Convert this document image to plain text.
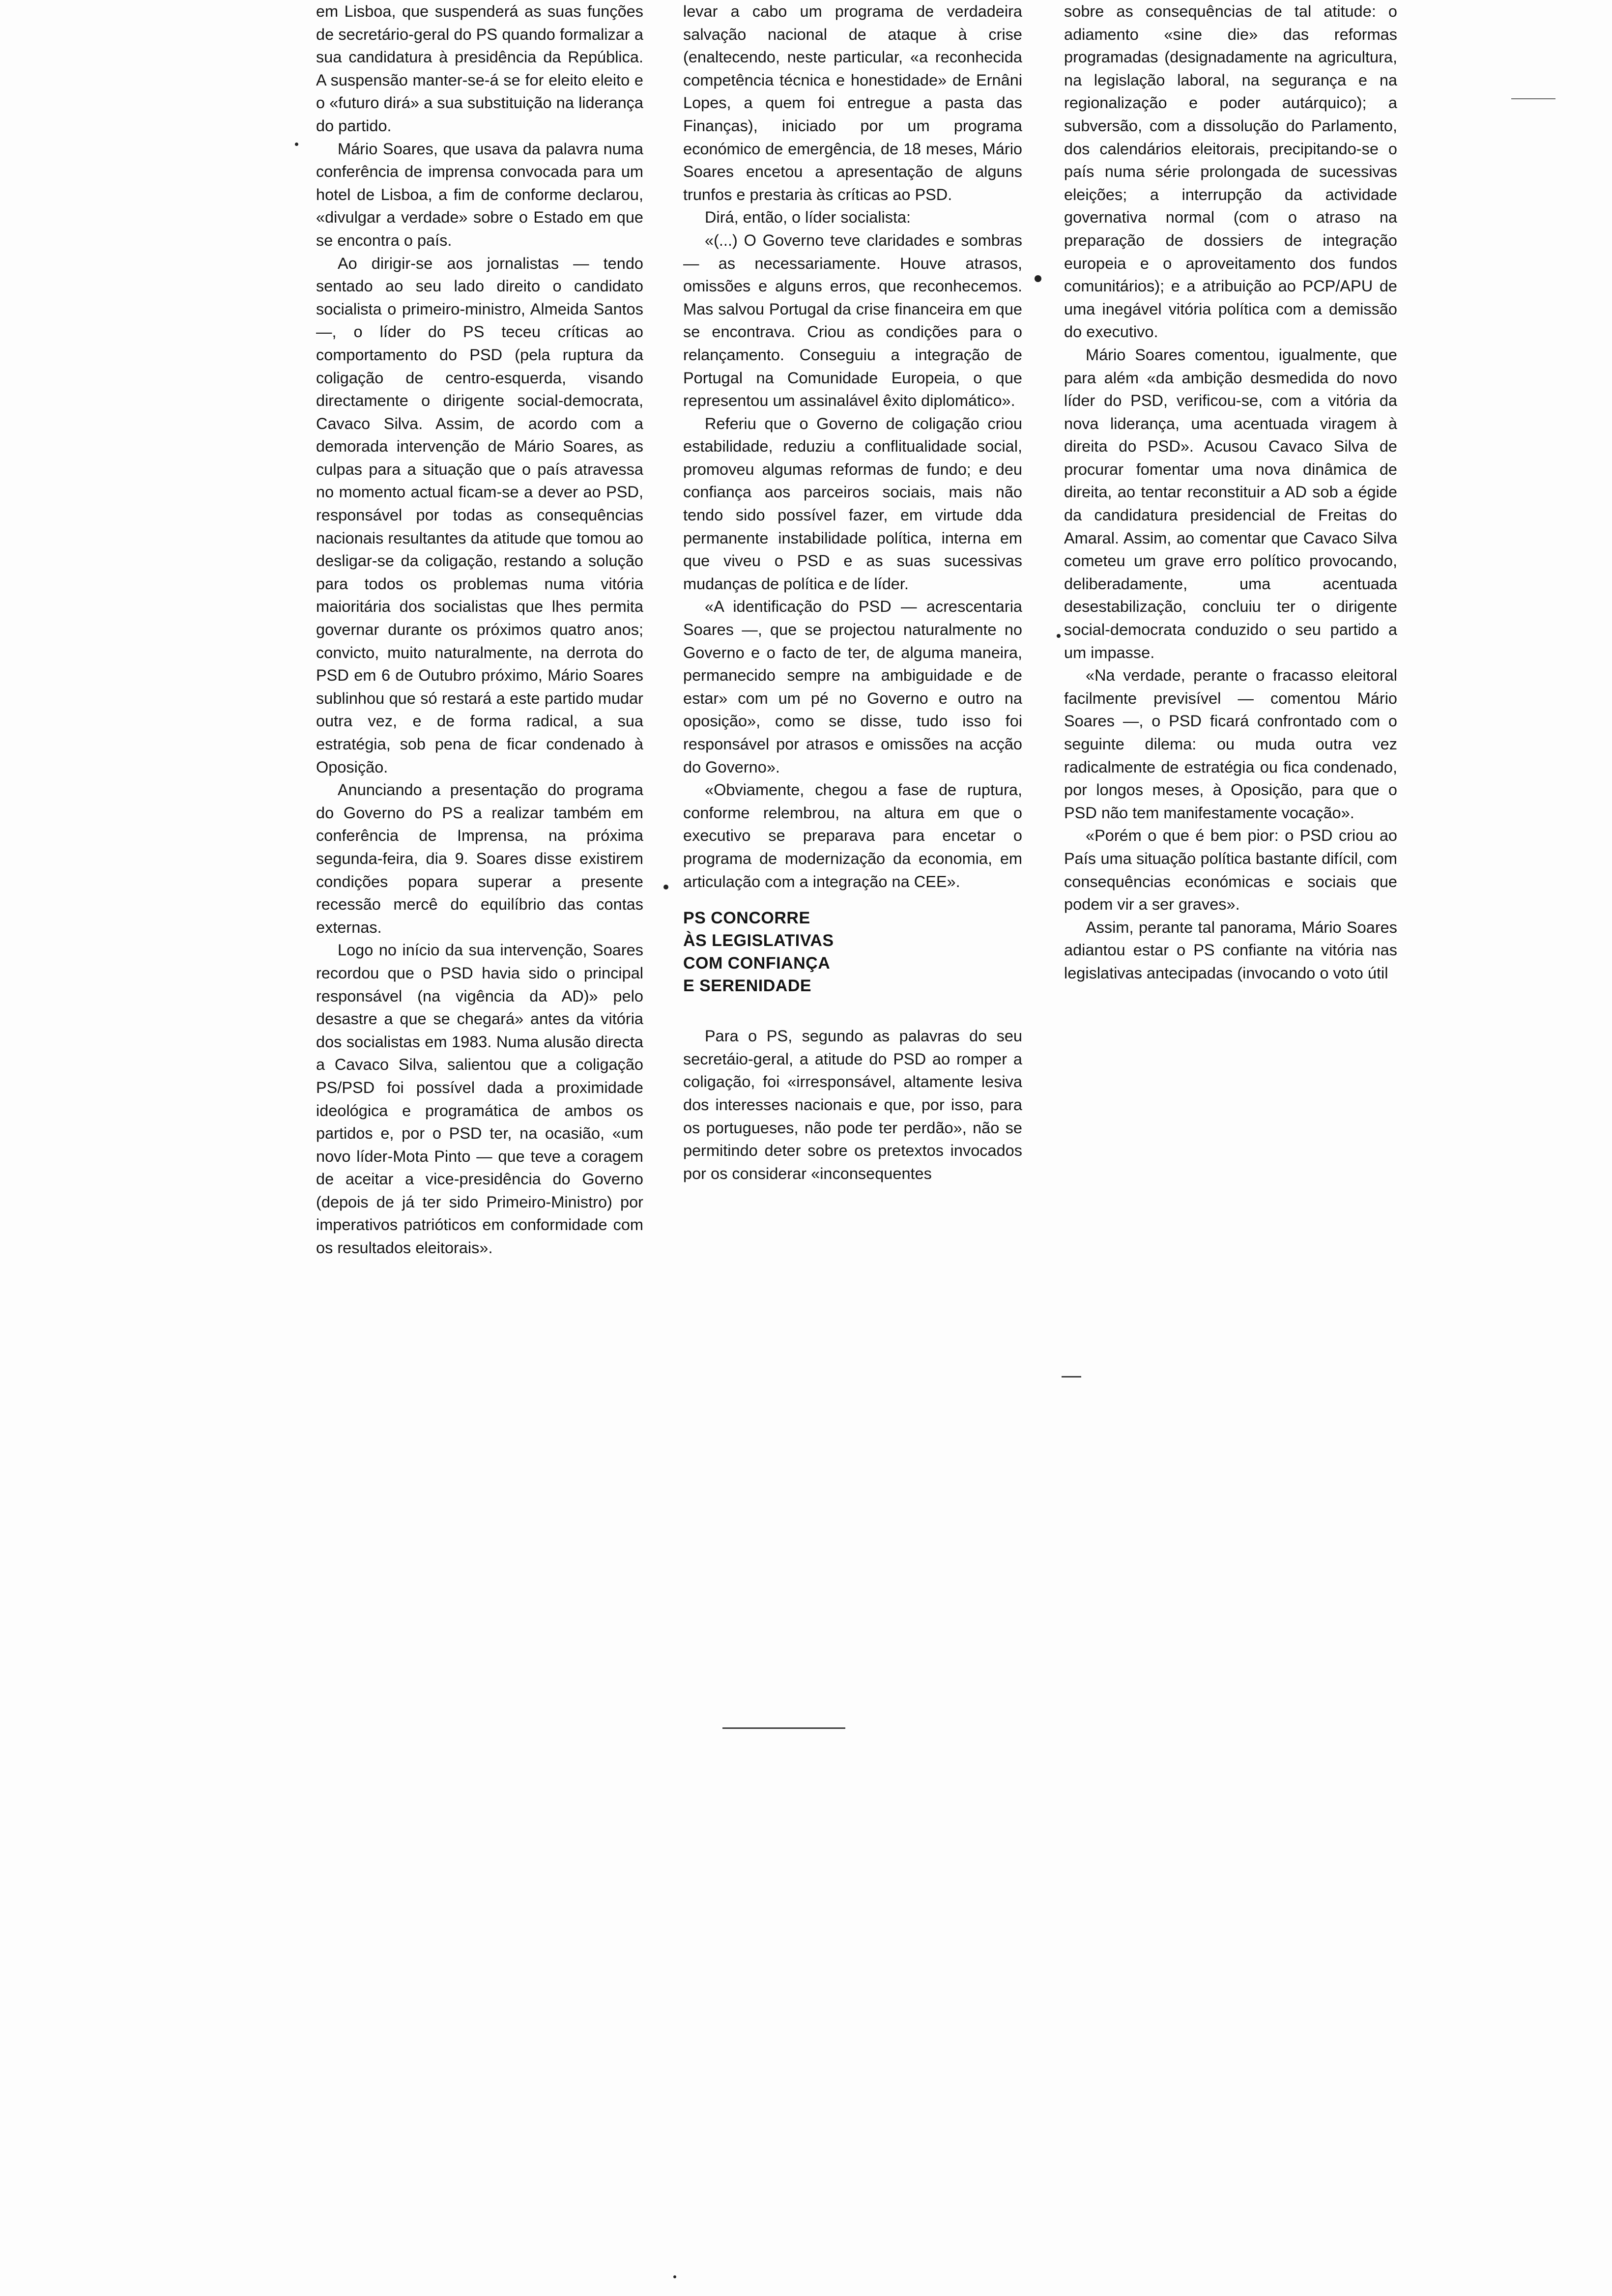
em Lisboa, que suspenderá as suas funções de secretário-geral do PS quando formalizar a sua candidatura à presidência da República. A suspensão manter-se-á se for eleito eleito e o «futuro dirá» a sua substituição na liderança do partido.

Mário Soares, que usava da palavra numa conferência de imprensa convocada para um hotel de Lisboa, a fim de conforme declarou, «divulgar a verdade» sobre o Estado em que se encontra o país.

Ao dirigir-se aos jornalistas — tendo sentado ao seu lado direito o candidato socialista o primeiro-ministro, Almeida Santos —, o líder do PS teceu críticas ao comportamento do PSD (pela ruptura da coligação de centro-esquerda, visando directamente o dirigente social-democrata, Cavaco Silva. Assim, de acordo com a demorada intervenção de Mário Soares, as culpas para a situação que o país atravessa no momento actual ficam-se a dever ao PSD, responsável por todas as consequências nacionais resultantes da atitude que tomou ao desligar-se da coligação, restando a solução para todos os problemas numa vitória maioritária dos socialistas que lhes permita governar durante os próximos quatro anos; convicto, muito naturalmente, na derrota do PSD em 6 de Outubro próximo, Mário Soares sublinhou que só restará a este partido mudar outra vez, e de forma radical, a sua estratégia, sob pena de ficar condenado à Oposição.

Anunciando a presentação do programa do Governo do PS a realizar também em conferência de Imprensa, na próxima segunda-feira, dia 9. Soares disse existirem condições popara superar a presente recessão mercê do equilíbrio das contas externas.

Logo no início da sua intervenção, Soares recordou que o PSD havia sido o principal responsável (na vigência da AD)» pelo desastre a que se chegará» antes da vitória dos socialistas em 1983. Numa alusão directa a Cavaco Silva, salientou que a coligação PS/PSD foi possível dada a proximidade ideológica e programática de ambos os partidos e, por o PSD ter, na ocasião, «um novo líder-Mota Pinto — que teve a coragem de aceitar a vice-presidência do Governo (depois de já ter sido Primeiro-Ministro) por imperativos patrióticos em conformidade com os resultados eleitorais».

levar a cabo um programa de verdadeira salvação nacional de ataque à crise (enaltecendo, neste particular, «a reconhecida competência técnica e honestidade» de Ernâni Lopes, a quem foi entregue a pasta das Finanças), iniciado por um programa económico de emergência, de 18 meses, Mário Soares encetou a apresentação de alguns trunfos e prestaria às críticas ao PSD.

Dirá, então, o líder socialista:

«(...) O Governo teve claridades e sombras — as necessariamente. Houve atrasos, omissões e alguns erros, que reconhecemos. Mas salvou Portugal da crise financeira em que se encontrava. Criou as condições para o relançamento. Conseguiu a integração de Portugal na Comunidade Europeia, o que representou um assinalável êxito diplomático».

Referiu que o Governo de coligação criou estabilidade, reduziu a conflitualidade social, promoveu algumas reformas de fundo; e deu confiança aos parceiros sociais, mais não tendo sido possível fazer, em virtude dda permanente instabilidade política, interna em que viveu o PSD e as suas sucessivas mudanças de política e de líder.

«A identificação do PSD — acrescentaria Soares —, que se projectou naturalmente no Governo e o facto de ter, de alguma maneira, permanecido sempre na ambiguidade e de estar» com um pé no Governo e outro na oposição», como se disse, tudo isso foi responsável por atrasos e omissões na acção do Governo».

«Obviamente, chegou a fase de ruptura, conforme relembrou, na altura em que o executivo se preparava para encetar o programa de modernização da economia, em articulação com a integração na CEE».

PS CONCORRE
ÀS LEGISLATIVAS
COM CONFIANÇA
E SERENIDADE

Para o PS, segundo as palavras do seu secretáio-geral, a atitude do PSD ao romper a coligação, foi «irresponsável, altamente lesiva dos interesses nacionais e que, por isso, para os portugueses, não pode ter perdão», não se permitindo deter sobre os pretextos invocados por os considerar «inconsequentes

sobre as consequências de tal atitude: o adiamento «sine die» das reformas programadas (designadamente na agricultura, na legislação laboral, na segurança e na regionalização e poder autárquico); a subversão, com a dissolução do Parlamento, dos calendários eleitorais, precipitando-se o país numa série prolongada de sucessivas eleições; a interrupção da actividade governativa normal (com o atraso na preparação de dossiers de integração europeia e o aproveitamento dos fundos comunitários); e a atribuição ao PCP/APU de uma inegável vitória política com a demissão do executivo.

Mário Soares comentou, igualmente, que para além «da ambição desmedida do novo líder do PSD, verificou-se, com a vitória da nova liderança, uma acentuada viragem à direita do PSD». Acusou Cavaco Silva de procurar fomentar uma nova dinâmica de direita, ao tentar reconstituir a AD sob a égide da candidatura presidencial de Freitas do Amaral. Assim, ao comentar que Cavaco Silva cometeu um grave erro político provocando, deliberadamente, uma acentuada desestabilização, concluiu ter o dirigente social-democrata conduzido o seu partido a um impasse.

«Na verdade, perante o fracasso eleitoral facilmente previsível — comentou Mário Soares —, o PSD ficará confrontado com o seguinte dilema: ou muda outra vez radicalmente de estratégia ou fica condenado, por longos meses, à Oposição, para que o PSD não tem manifestamente vocação».

«Porém o que é bem pior: o PSD criou ao País uma situação política bastante difícil, com consequências económicas e sociais que podem vir a ser graves».

Assim, perante tal panorama, Mário Soares adiantou estar o PS confiante na vitória nas legislativas antecipadas (invocando o voto útil
